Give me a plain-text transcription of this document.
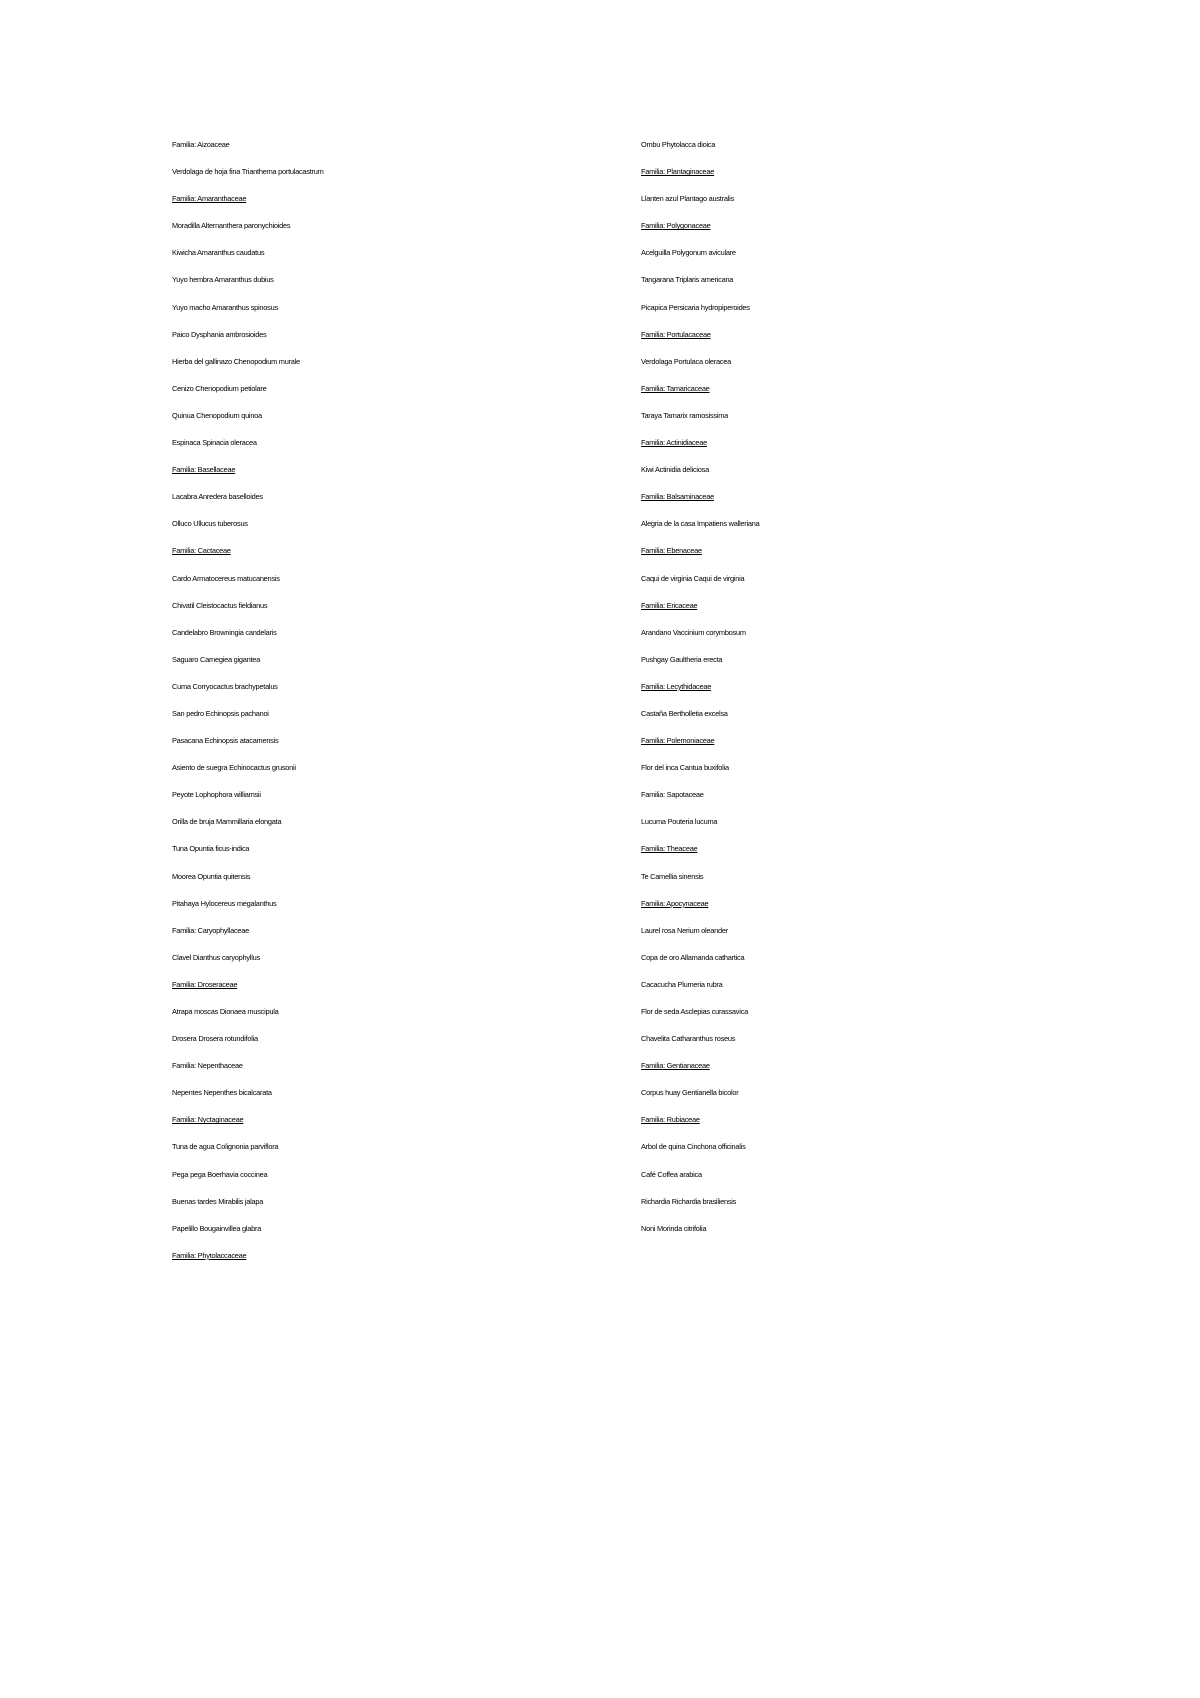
Familia: Aizoaceae
Verdolaga de hoja fina Trianthema portulacastrum
Familia: Amaranthaceae
Moradilla Alternanthera paronychioides
Kiwicha Amaranthus caudatus
Yuyo hembra Amaranthus dubius
Yuyo macho Amaranthus spinosus
Paico Dysphania ambrosioides
Hierba del gallinazo Chenopodium murale
Cenizo Chenopodium petiolare
Quinua Chenopodium quinoa
Espinaca Spinacia oleracea
Familia: Basellaceae
Lacabra Anredera baselloides
Olluco Ullucus tuberosus
Familia: Cactaceae
Cardo Armatocereus matucanensis
Chivatil Cleistocactus fieldianus
Candelabro Browningia candelaris
Saguaro Carnegiea gigantea
Cuma Corryocactus brachypetalus
San pedro Echinopsis pachanoi
Pasacana Echinopsis atacamensis
Asiento de suegra Echinocactus grusonii
Peyote Lophophora williamsii
Orilla de bruja Mammillaria elongata
Tuna Opuntia ficus-indica
Moorea Opuntia quitensis
Pitahaya Hylocereus megalanthus
Familia: Caryophyllaceae
Clavel Dianthus caryophyllus
Familia: Droseraceae
Atrapa moscas Dionaea muscipula
Drosera Drosera rotundifolia
Familia: Nepenthaceae
Nepentes Nepenthes bicalcarata
Familia: Nyctaginaceae
Tuna de agua Colignonia parviflora
Pega pega Boerhavia coccinea
Buenas tardes Mirabilis jalapa
Papelillo Bougainvillea glabra
Familia: Phytolaccaceae
Ombu Phytolacca dioica
Familia: Plantaginaceae
Llanten azul Plantago australis
Familia: Polygonaceae
Acelguilla Polygonum aviculare
Tangarana Triplaris americana
Picapica Persicaria hydropiperoides
Familia: Portulacaceae
Verdolaga Portulaca oleracea
Familia: Tamaricaceae
Taraya Tamarix ramosissima
Familia: Actinidiaceae
Kiwi Actinidia deliciosa
Familia: Balsaminaceae
Alegria de la casa Impatiens walleriana
Familia: Ebenaceae
Caqui de virginia Caqui de virginia
Familia: Ericaceae
Arandano Vaccinium corymbosum
Pushgay Gaultheria erecta
Familia: Lecythidaceae
Castaña Bertholletia excelsa
Familia: Polemoniaceae
Flor del inca Cantua buxifolia
Familia: Sapotaceae
Lucuma Pouteria lucuma
Familia: Theaceae
Te Camellia sinensis
Familia: Apocynaceae
Laurel rosa Nerium oleander
Copa de oro Allamanda cathartica
Cacacucha Plumeria rubra
Flor de seda Asclepias curassavica
Chavelita Catharanthus roseus
Familia: Gentianaceae
Corpus huay Gentianella bicolor
Familia: Rubiaceae
Arbol de quina Cinchona officinalis
Café Coffea arabica
Richardia Richardia brasiliensis
Noni Morinda citrifolia
